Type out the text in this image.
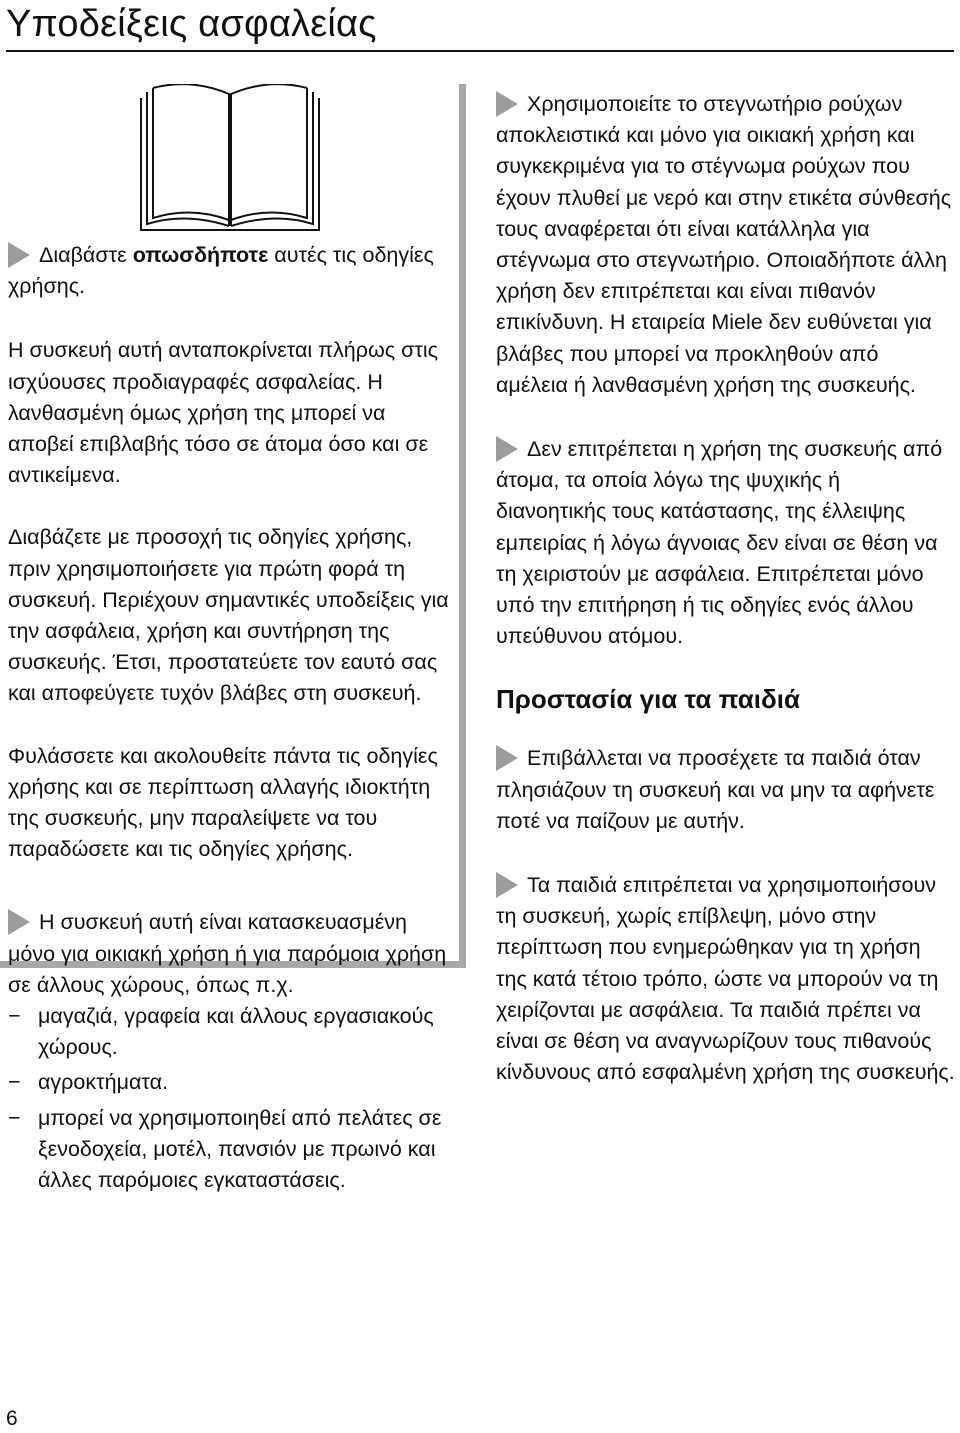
Υποδείξεις ασφαλείας

Διαβάστε οπωσδήποτε αυτές τις οδηγίες χρήσης.

Η συσκευή αυτή ανταποκρίνεται πλήρως στις ισχύουσες προδιαγραφές ασφαλείας. Η λανθασμένη όμως χρήση της μπορεί να αποβεί επιβλαβής τόσο σε άτομα όσο και σε αντικείμενα.

Διαβάζετε με προσοχή τις οδηγίες χρήσης, πριν χρησιμοποιήσετε για πρώτη φορά τη συσκευή. Περιέχουν σημαντικές υποδείξεις για την ασφάλεια, χρήση και συντήρηση της συσκευής. Έτσι, προστατεύετε τον εαυτό σας και αποφεύγετε τυχόν βλάβες στη συσκευή.

Φυλάσσετε και ακολουθείτε πάντα τις οδηγίες χρήσης και σε περίπτωση αλλαγής ιδιοκτήτη της συσκευής, μην παραλείψετε να του παραδώσετε και τις οδηγίες χρήσης.

Η συσκευή αυτή είναι κατασκευασμένη μόνο για οικιακή χρήση ή για παρόμοια χρήση σε άλλους χώρους, όπως π.χ.

− μαγαζιά, γραφεία και άλλους εργασιακούς χώρους.
− αγροκτήματα.
− μπορεί να χρησιμοποιηθεί από πελάτες σε ξενοδοχεία, μοτέλ, πανσιόν με πρωινό και άλλες παρόμοιες εγκαταστάσεις.

Χρησιμοποιείτε το στεγνωτήριο ρούχων αποκλειστικά και μόνο για οικιακή χρήση και συγκεκριμένα για το στέγνωμα ρούχων που έχουν πλυθεί με νερό και στην ετικέτα σύνθεσής τους αναφέρεται ότι είναι κατάλληλα για στέγνωμα στο στεγνωτήριο. Οποιαδήποτε άλλη χρήση δεν επιτρέπεται και είναι πιθανόν επικίνδυνη. Η εταιρεία Miele δεν ευθύνεται για βλάβες που μπορεί να προκληθούν από αμέλεια ή λανθασμένη χρήση της συσκευής.

Δεν επιτρέπεται η χρήση της συσκευής από άτομα, τα οποία λόγω της ψυχικής ή διανοητικής τους κατάστασης, της έλλειψης εμπειρίας ή λόγω άγνοιας δεν είναι σε θέση να τη χειριστούν με ασφάλεια. Επιτρέπεται μόνο υπό την επιτήρηση ή τις οδηγίες ενός άλλου υπεύθυνου ατόμου.

Προστασία για τα παιδιά

Επιβάλλεται να προσέχετε τα παιδιά όταν πλησιάζουν τη συσκευή και να μην τα αφήνετε ποτέ να παίζουν με αυτήν.

Τα παιδιά επιτρέπεται να χρησιμοποιήσουν τη συσκευή, χωρίς επίβλεψη, μόνο στην περίπτωση που ενημερώθηκαν για τη χρήση της κατά τέτοιο τρόπο, ώστε να μπορούν να τη χειρίζονται με ασφάλεια. Τα παιδιά πρέπει να είναι σε θέση να αναγνωρίζουν τους πιθανούς κίνδυνους από εσφαλμένη χρήση της συσκευής.

6
